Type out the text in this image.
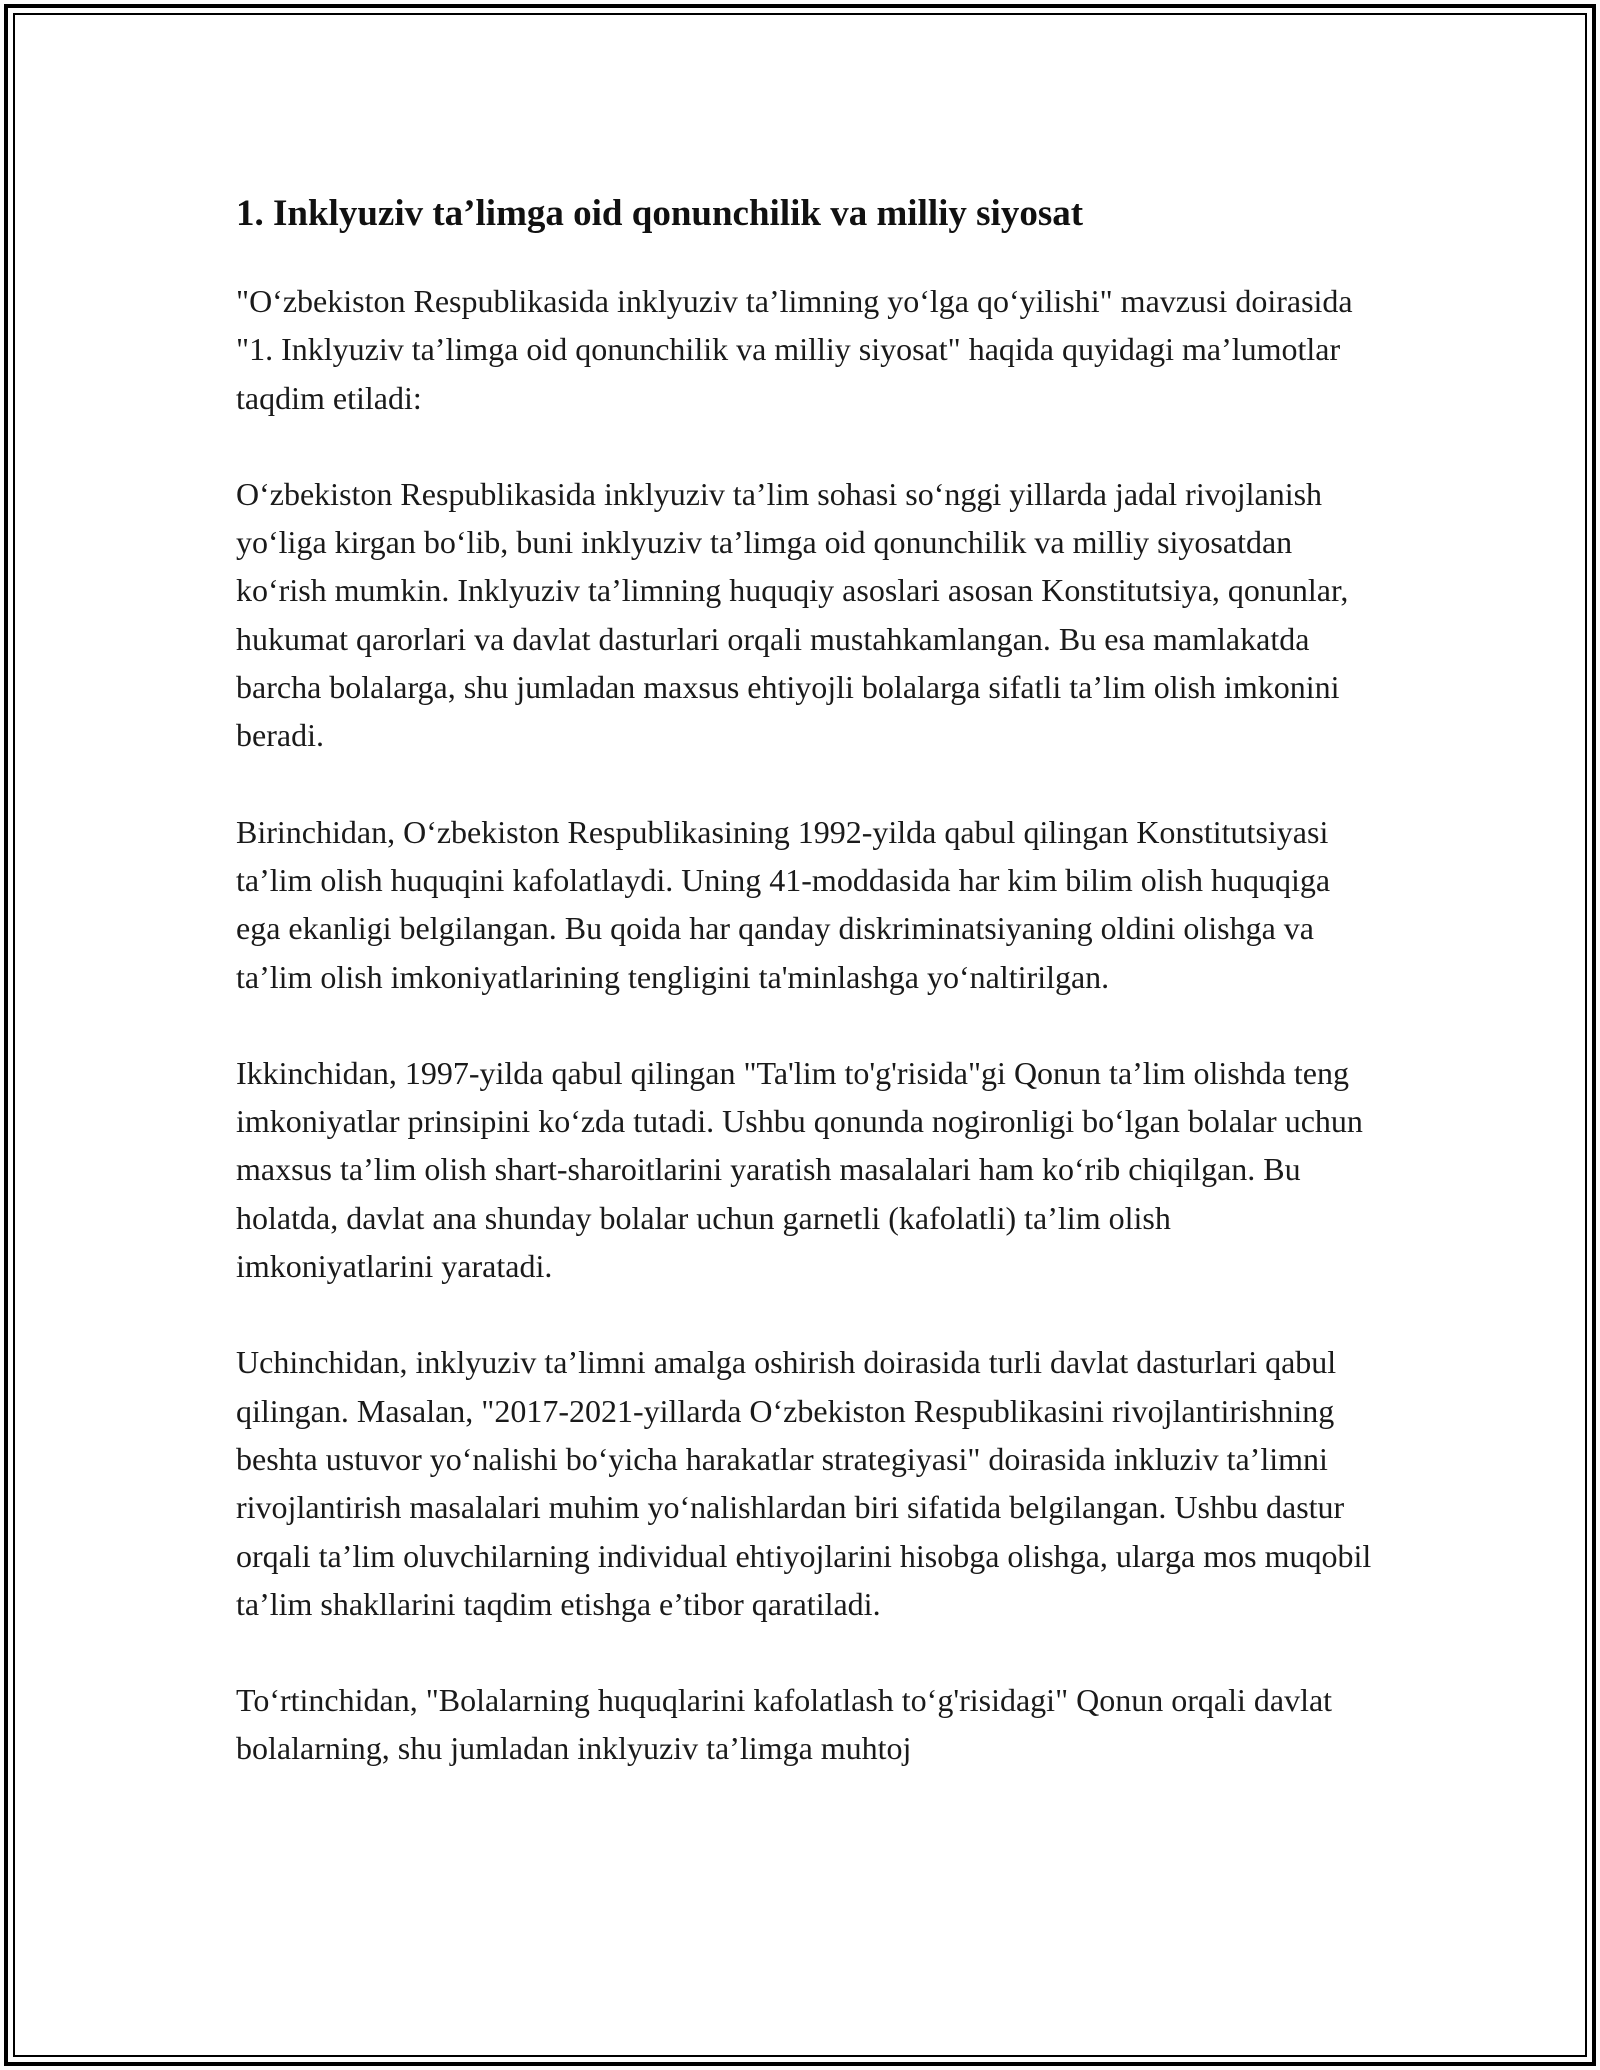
1. Inklyuziv ta’limga oid qonunchilik va milliy siyosat

"O‘zbekiston Respublikasida inklyuziv ta’limning yo‘lga qo‘yilishi" mavzusi doirasida "1. Inklyuziv ta’limga oid qonunchilik va milliy siyosat" haqida quyidagi ma’lumotlar taqdim etiladi:

O‘zbekiston Respublikasida inklyuziv ta’lim sohasi so‘nggi yillarda jadal rivojlanish yo‘liga kirgan bo‘lib, buni inklyuziv ta’limga oid qonunchilik va milliy siyosatdan ko‘rish mumkin. Inklyuziv ta’limning huquqiy asoslari asosan Konstitutsiya, qonunlar, hukumat qarorlari va davlat dasturlari orqali mustahkamlangan. Bu esa mamlakatda barcha bolalarga, shu jumladan maxsus ehtiyojli bolalarga sifatli ta’lim olish imkonini beradi.

Birinchidan, O‘zbekiston Respublikasining 1992-yilda qabul qilingan Konstitutsiyasi ta’lim olish huquqini kafolatlaydi. Uning 41-moddasida har kim bilim olish huquqiga ega ekanligi belgilangan. Bu qoida har qanday diskriminatsiyaning oldini olishga va ta’lim olish imkoniyatlarining tengligini ta'minlashga yo‘naltirilgan.

Ikkinchidan, 1997-yilda qabul qilingan "Ta'lim to'g'risida"gi Qonun ta’lim olishda teng imkoniyatlar prinsipini ko‘zda tutadi. Ushbu qonunda nogironligi bo‘lgan bolalar uchun maxsus ta’lim olish shart-sharoitlarini yaratish masalalari ham ko‘rib chiqilgan. Bu holatda, davlat ana shunday bolalar uchun garnetli (kafolatli) ta’lim olish imkoniyatlarini yaratadi.

Uchinchidan, inklyuziv ta’limni amalga oshirish doirasida turli davlat dasturlari qabul qilingan. Masalan, "2017-2021-yillarda O‘zbekiston Respublikasini rivojlantirishning beshta ustuvor yo‘nalishi bo‘yicha harakatlar strategiyasi" doirasida inkluziv ta’limni rivojlantirish masalalari muhim yo‘nalishlardan biri sifatida belgilangan. Ushbu dastur orqali ta’lim oluvchilarning individual ehtiyojlarini hisobga olishga, ularga mos muqobil ta’lim shakllarini taqdim etishga e’tibor qaratiladi.

To‘rtinchidan, "Bolalarning huquqlarini kafolatlash to‘g'risidagi" Qonun orqali davlat bolalarning, shu jumladan inklyuziv ta’limga muhtoj
